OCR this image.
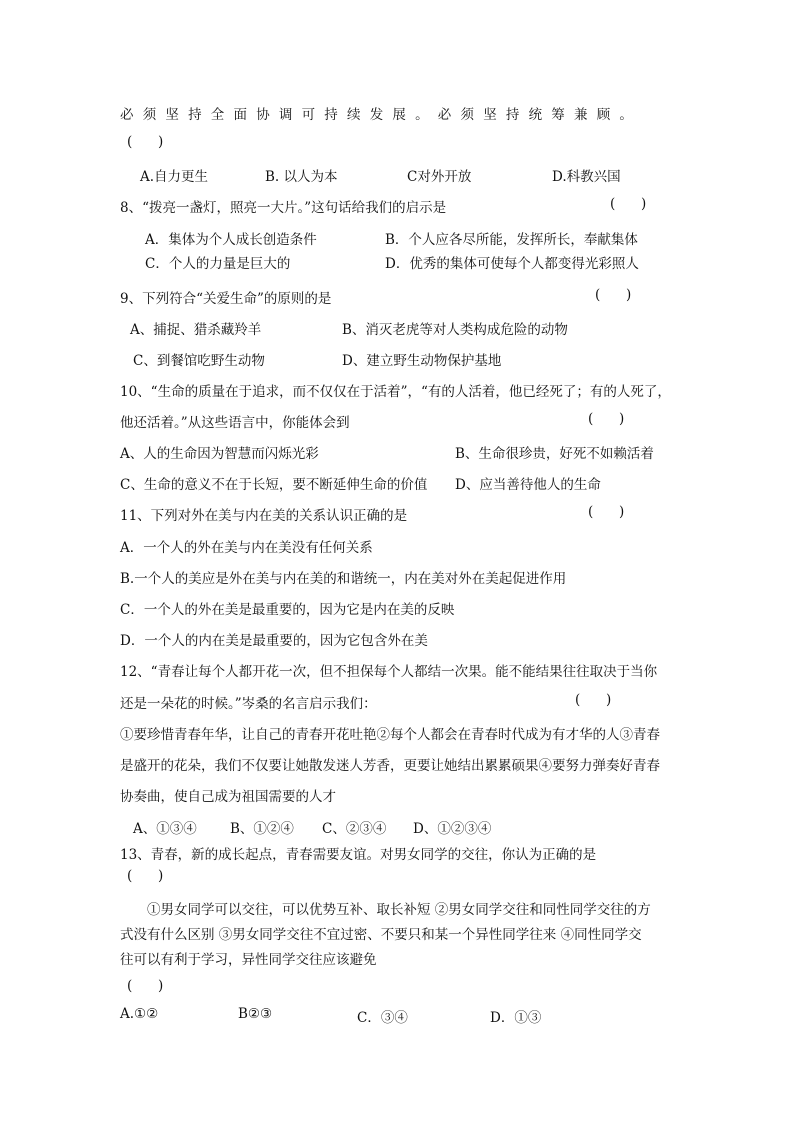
必须坚持全面协调可持续发展。必须坚持统筹兼顾。
(      )
A.自力更生	B. 以人为本	C对外开放	D.科教兴国
8、“拨亮一盏灯，照亮一大片。”这句话给我们的启示是	(      )
A．集体为个人成长创造条件	B．个人应各尽所能，发挥所长，奉献集体
C．个人的力量是巨大的	D．优秀的集体可使每个人都变得光彩照人
9、下列符合“关爱生命”的原则的是	(      )
A、捕捉、猎杀藏羚羊	B、消灭老虎等对人类构成危险的动物
C、到餐馆吃野生动物	D、建立野生动物保护基地
10、“生命的质量在于追求，而不仅仅在于活着”，“有的人活着，他已经死了；有的人死了，
他还活着。”从这些语言中，你能体会到	(      )
A、人的生命因为智慧而闪烁光彩	B、生命很珍贵，好死不如赖活着
C、生命的意义不在于长短，要不断延伸生命的价值 D、应当善待他人的生命
11、下列对外在美与内在美的关系认识正确的是	(      )
A．一个人的外在美与内在美没有任何关系
B.一个人的美应是外在美与内在美的和谐统一，内在美对外在美起促进作用
C．一个人的外在美是最重要的，因为它是内在美的反映
D．一个人的内在美是最重要的，因为它包含外在美
12、“青春让每个人都开花一次，但不担保每个人都结一次果。能不能结果往往取决于当你
还是一朵花的时候。”岑桑的名言启示我们：	(      )
①要珍惜青春年华，让自己的青春开花吐艳②每个人都会在青春时代成为有才华的人③青春
是盛开的花朵，我们不仅要让她散发迷人芳香，更要让她结出累累硕果④要努力弹奏好青春
协奏曲，使自己成为祖国需要的人才
A、①③④ B、①②④ C、②③④ D、①②③④
13、青春，新的成长起点，青春需要友谊。对男女同学的交往，你认为正确的是
(      )
①男女同学可以交往，可以优势互补、取长补短 ②男女同学交往和同性同学交往的方
式没有什么区别 ③男女同学交往不宜过密、不要只和某一个异性同学往来 ④同性同学交
往可以有利于学习，异性同学交往应该避免
(      )
A.①②	B②③	C．③④	D．①③
